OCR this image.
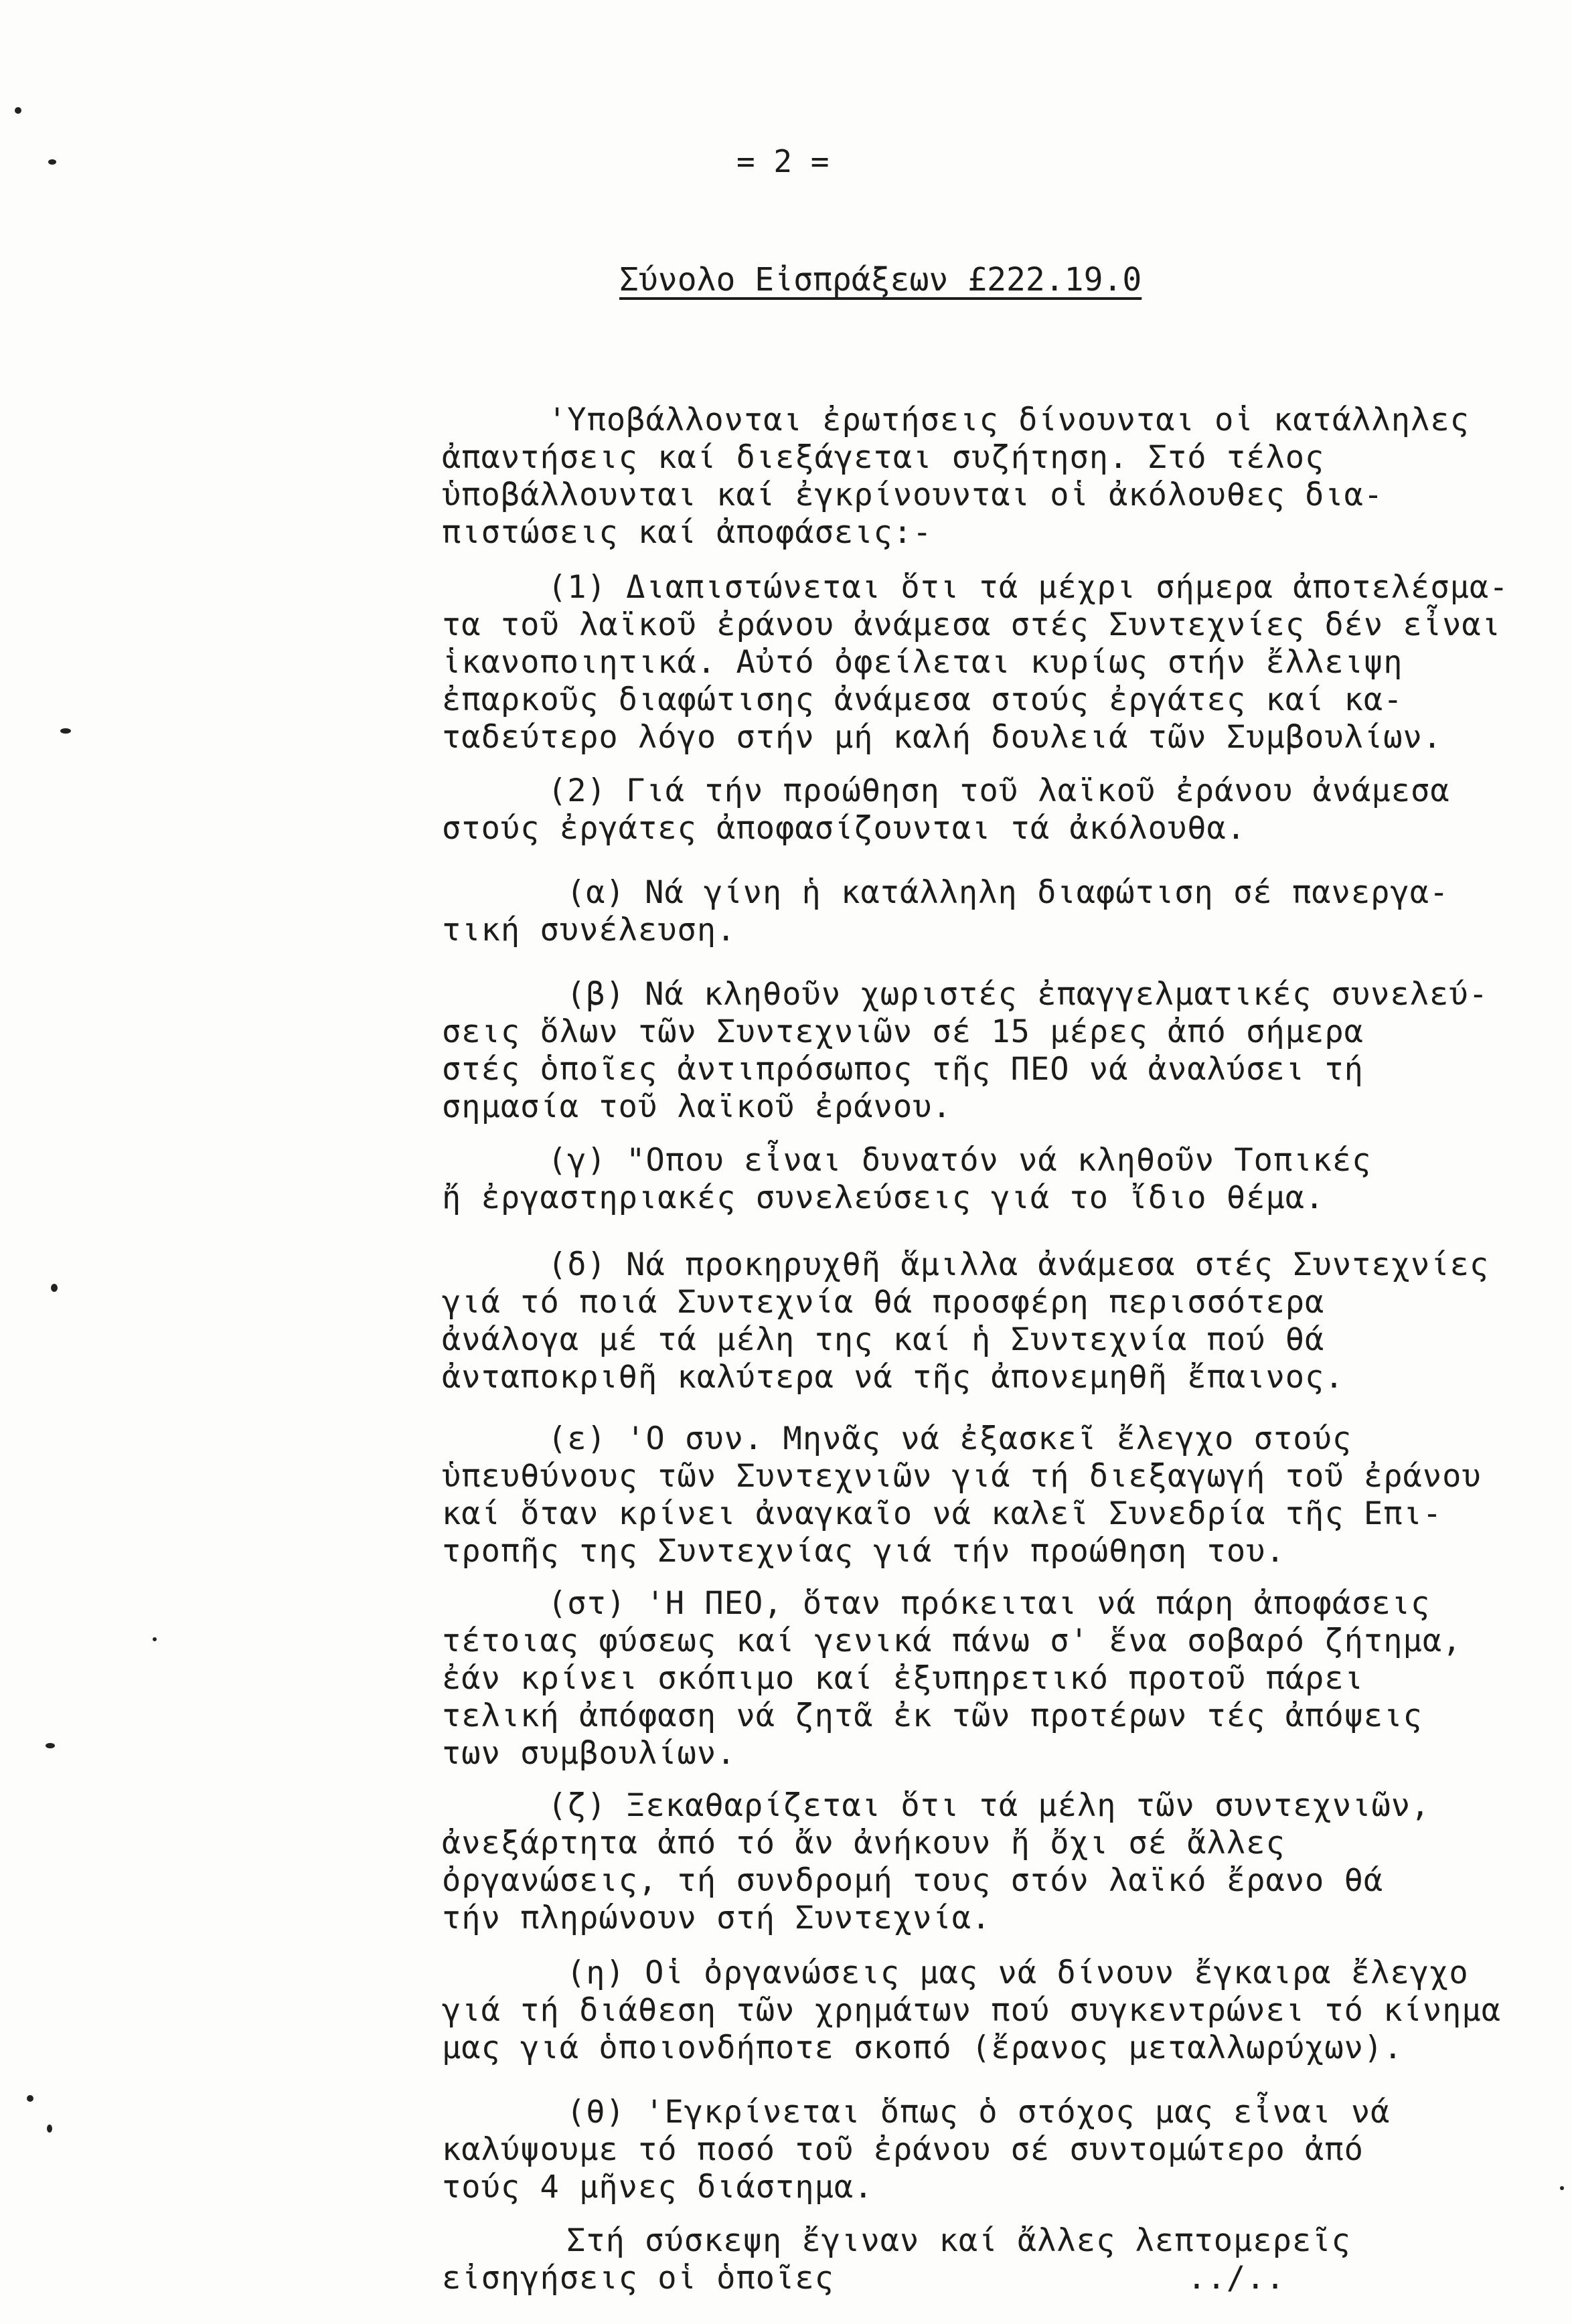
= 2 =
Σύνολο Εἰσπράξεων £222.19.0
'Υποβάλλονται ἐρωτήσεις δίνουνται οἱ κατάλληλες
ἀπαντήσεις καί διεξάγεται συζήτηση. Στό τέλος
ὑποβάλλουνται καί ἐγκρίνουνται οἱ ἀκόλουθες δια-
πιστώσεις καί ἀποφάσεις:-
(1) Διαπιστώνεται ὅτι τά μέχρι σήμερα ἀποτελέσμα-
τα τοῦ λαϊκοῦ ἐράνου ἀνάμεσα στές Συντεχνίες δέν εἶναι
ἱκανοποιητικά. Αὐτό ὀφείλεται κυρίως στήν ἔλλειψη
ἐπαρκοῦς διαφώτισης ἀνάμεσα στούς ἐργάτες καί κα-
ταδεύτερο λόγο στήν μή καλή δουλειά τῶν Συμβουλίων.
(2) Γιά τήν προώθηση τοῦ λαϊκοῦ ἐράνου ἀνάμεσα
στούς ἐργάτες ἀποφασίζουνται τά ἀκόλουθα.
(α) Νά γίνη ἡ κατάλληλη διαφώτιση σέ πανεργα-
τική συνέλευση.
(β) Νά κληθοῦν χωριστές ἐπαγγελματικές συνελεύ-
σεις ὅλων τῶν Συντεχνιῶν σέ 15 μέρες ἀπό σήμερα
στές ὁποῖες ἀντιπρόσωπος τῆς ΠΕΟ νά ἀναλύσει τή
σημασία τοῦ λαϊκοῦ ἐράνου.
(γ) "Οπου εἶναι δυνατόν νά κληθοῦν Τοπικές
ἤ ἐργαστηριακές συνελεύσεις γιά το ἴδιο θέμα.
(δ) Νά προκηρυχθῆ ἅμιλλα ἀνάμεσα στές Συντεχνίες
γιά τό ποιά Συντεχνία θά προσφέρη περισσότερα
ἀνάλογα μέ τά μέλη της καί ἡ Συντεχνία πού θά
ἀνταποκριθῆ καλύτερα νά τῆς ἀπονεμηθῆ ἔπαινος.
(ε) 'Ο συν. Μηνᾶς νά ἐξασκεῖ ἔλεγχο στούς
ὑπευθύνους τῶν Συντεχνιῶν γιά τή διεξαγωγή τοῦ ἐράνου
καί ὅταν κρίνει ἀναγκαῖο νά καλεῖ Συνεδρία τῆς Επι-
τροπῆς της Συντεχνίας γιά τήν προώθηση του.
(στ) 'Η ΠΕΟ, ὅταν πρόκειται νά πάρη ἀποφάσεις
τέτοιας φύσεως καί γενικά πάνω σ' ἕνα σοβαρό ζήτημα,
ἐάν κρίνει σκόπιμο καί ἐξυπηρετικό προτοῦ πάρει
τελική ἀπόφαση νά ζητᾶ ἐκ τῶν προτέρων τές ἀπόψεις
των συμβουλίων.
(ζ) Ξεκαθαρίζεται ὅτι τά μέλη τῶν συντεχνιῶν,
ἀνεξάρτητα ἀπό τό ἄν ἀνήκουν ἤ ὄχι σέ ἄλλες
ὀργανώσεις, τή συνδρομή τους στόν λαϊκό ἔρανο θά
τήν πληρώνουν στή Συντεχνία.
(η) Οἱ ὀργανώσεις μας νά δίνουν ἔγκαιρα ἔλεγχο
γιά τή διάθεση τῶν χρημάτων πού συγκεντρώνει τό κίνημα
μας γιά ὁποιονδήποτε σκοπό (ἔρανος μεταλλωρύχων).
(θ) 'Εγκρίνεται ὅπως ὁ στόχος μας εἶναι νά
καλύψουμε τό ποσό τοῦ ἐράνου σέ συντομώτερο ἀπό
τούς 4 μῆνες διάστημα.
Στή σύσκεψη ἔγιναν καί ἄλλες λεπτομερεῖς
εἰσηγήσεις οἱ ὁποῖες                  ../..
